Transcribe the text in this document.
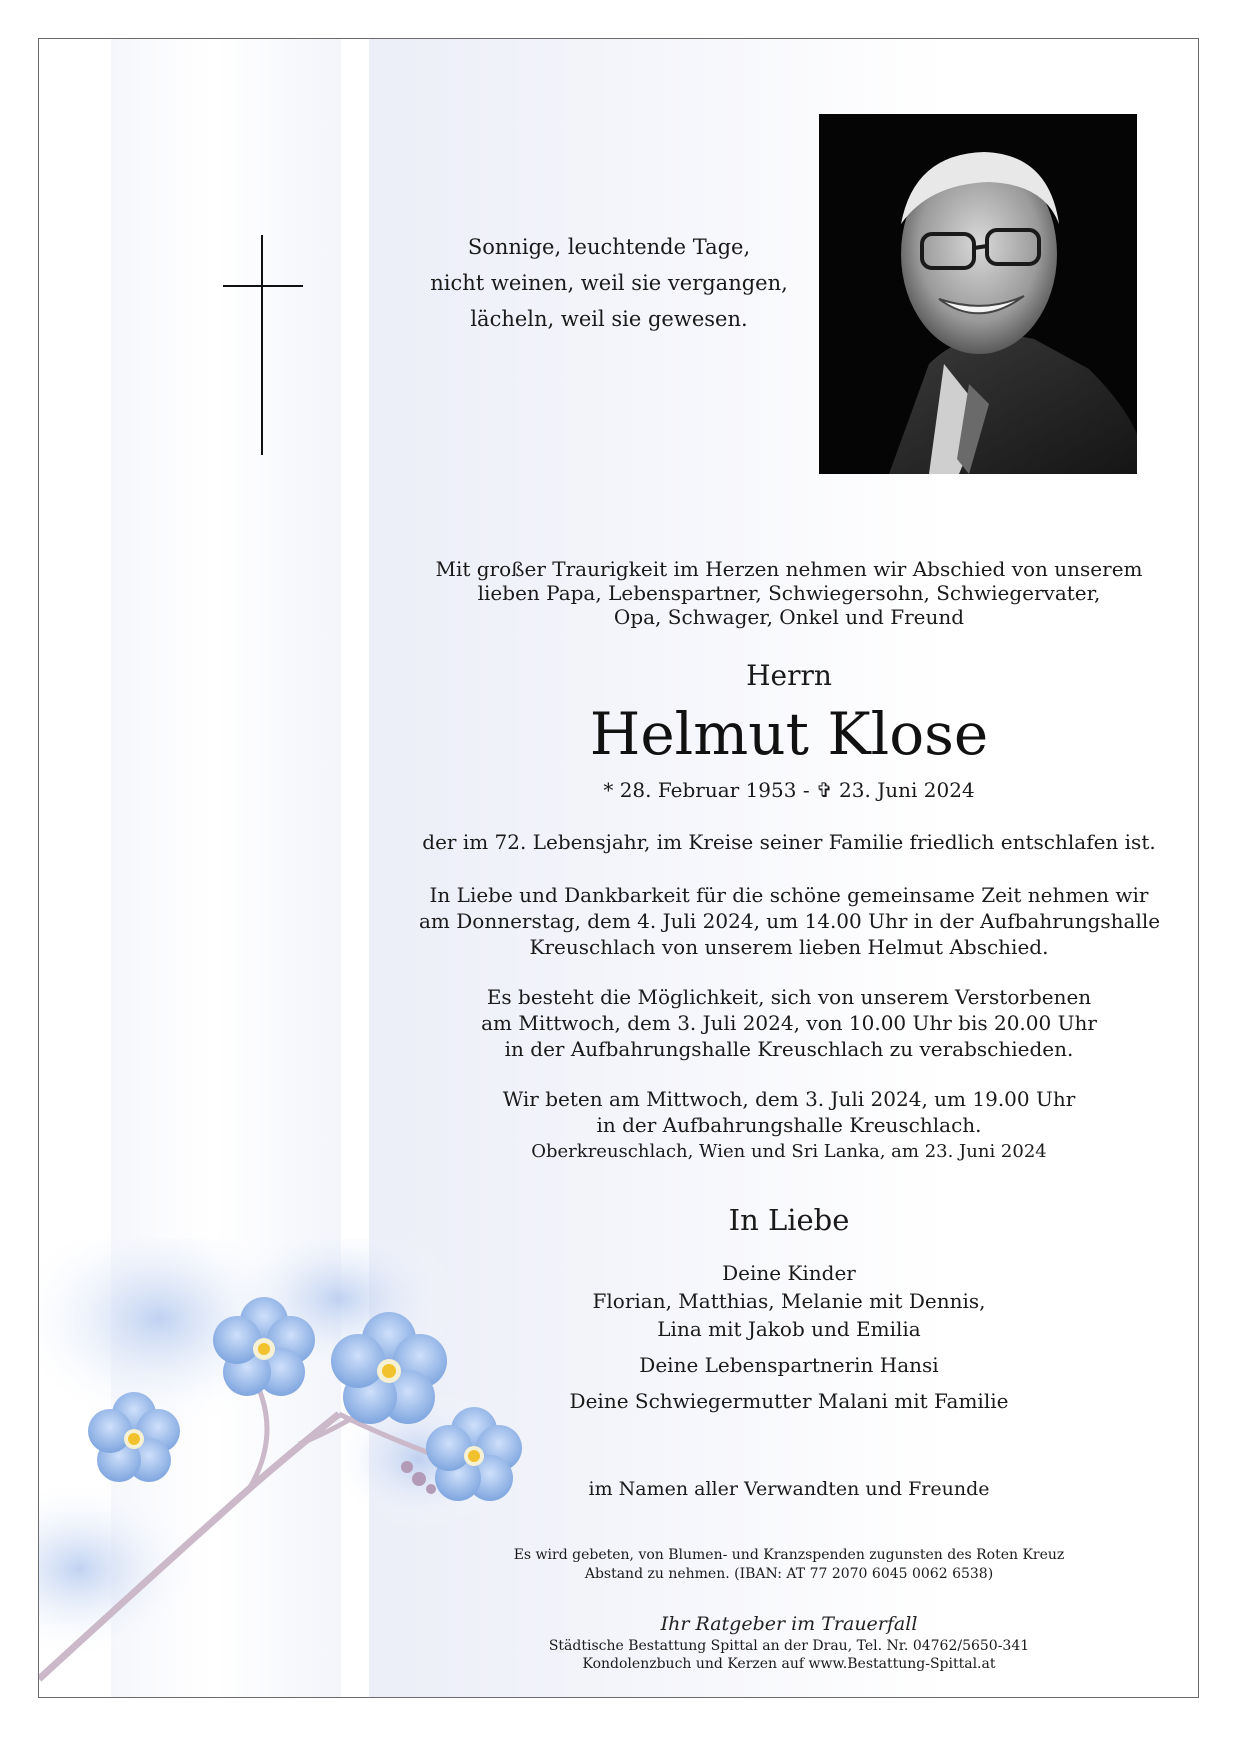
Sonnige, leuchtende Tage,
nicht weinen, weil sie vergangen,
lächeln, weil sie gewesen.
Mit großer Traurigkeit im Herzen nehmen wir Abschied von unserem
lieben Papa, Lebenspartner, Schwiegersohn, Schwiegervater,
Opa, Schwager, Onkel und Freund
Herrn
Helmut Klose
* 28. Februar 1953 - ✞ 23. Juni 2024
der im 72. Lebensjahr, im Kreise seiner Familie friedlich entschlafen ist.
In Liebe und Dankbarkeit für die schöne gemeinsame Zeit nehmen wir
am Donnerstag, dem 4. Juli 2024, um 14.00 Uhr in der Aufbahrungshalle
Kreuschlach von unserem lieben Helmut Abschied.
Es besteht die Möglichkeit, sich von unserem Verstorbenen
am Mittwoch, dem 3. Juli 2024, von 10.00 Uhr bis 20.00 Uhr
in der Aufbahrungshalle Kreuschlach zu verabschieden.
Wir beten am Mittwoch, dem 3. Juli 2024, um 19.00 Uhr
in der Aufbahrungshalle Kreuschlach.
Oberkreuschlach, Wien und Sri Lanka, am 23. Juni 2024
In Liebe
Deine Kinder
Florian, Matthias, Melanie mit Dennis,
Lina mit Jakob und Emilia
Deine Lebenspartnerin Hansi
Deine Schwiegermutter Malani mit Familie
im Namen aller Verwandten und Freunde
Es wird gebeten, von Blumen- und Kranzspenden zugunsten des Roten Kreuz
Abstand zu nehmen. (IBAN: AT 77 2070 6045 0062 6538)
Ihr Ratgeber im Trauerfall
Städtische Bestattung Spittal an der Drau, Tel. Nr. 04762/5650-341
Kondolenzbuch und Kerzen auf www.Bestattung-Spittal.at
